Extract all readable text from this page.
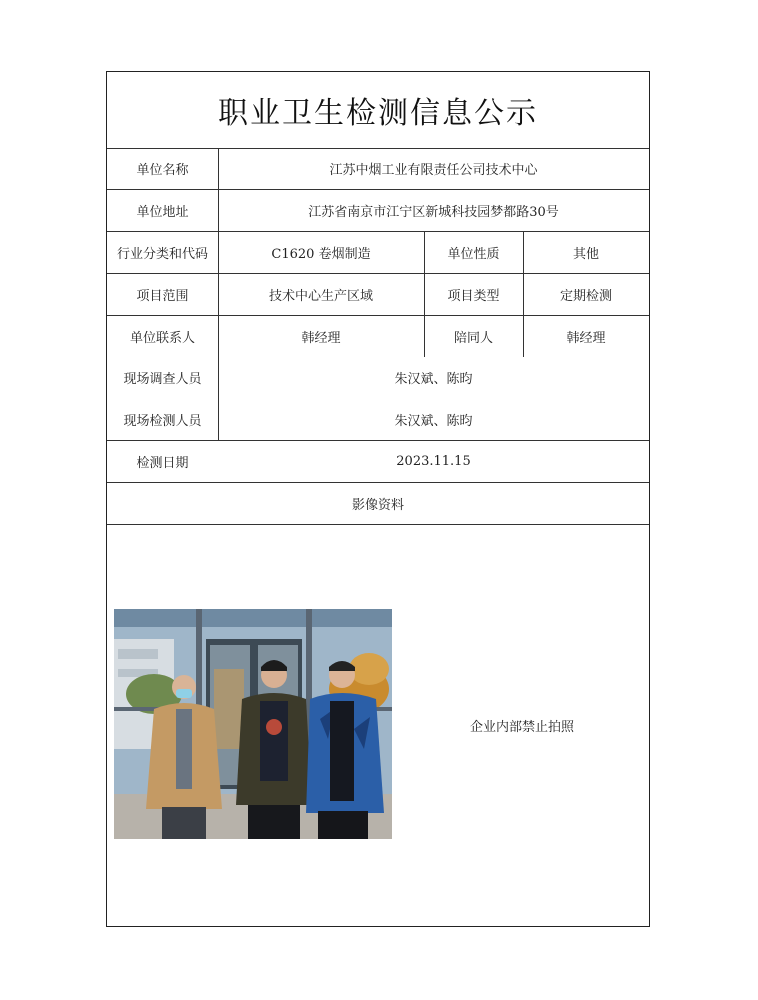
职业卫生检测信息公示
单位名称	江苏中烟工业有限责任公司技术中心
单位地址	江苏省南京市江宁区新城科技园梦都路30号
行业分类和代码	C1620 卷烟制造	单位性质	其他
项目范围	技术中心生产区域	项目类型	定期检测
单位联系人	韩经理	陪同人	韩经理
现场调查人员	朱汉斌、陈昀
现场检测人员	朱汉斌、陈昀
检测日期	2023.11.15
影像资料
企业内部禁止拍照
